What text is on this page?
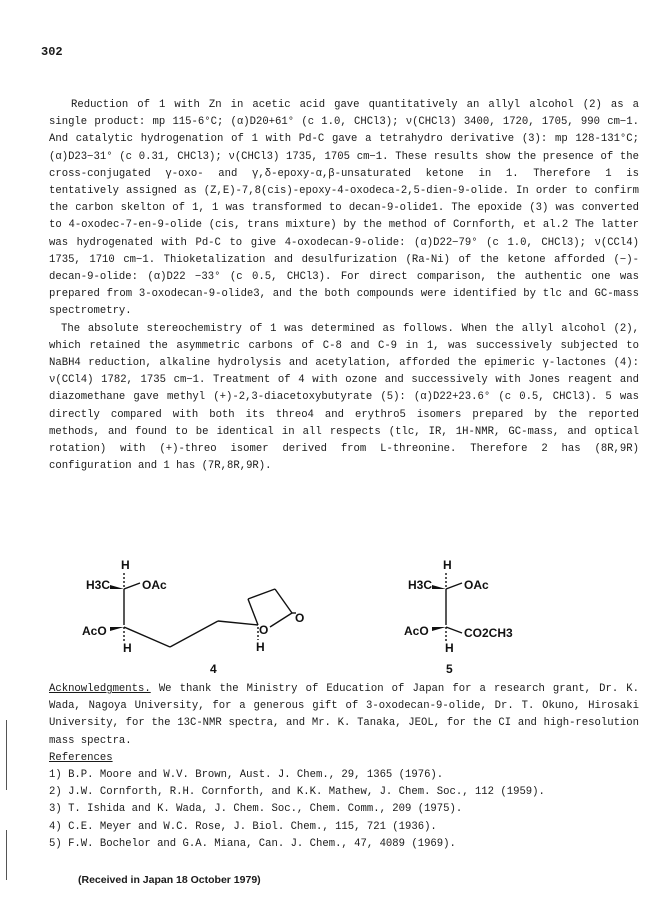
302

Reduction of 1 with Zn in acetic acid gave quantitatively an allyl alcohol (2) as a single product: mp 115-6°C; (α)D20+61° (c 1.0, CHCl3); ν(CHCl3) 3400, 1720, 1705, 990 cm−1. And catalytic hydrogenation of 1 with Pd-C gave a tetrahydro derivative (3): mp 128-131°C; (α)D23−31° (c 0.31, CHCl3); ν(CHCl3) 1735, 1705 cm−1. These results show the presence of the cross-conjugated γ-oxo- and γ,δ-epoxy-α,β-unsaturated ketone in 1. Therefore 1 is tentatively assigned as (Z,E)-7,8(cis)-epoxy-4-oxodeca-2,5-dien-9-olide. In order to confirm the carbon skelton of 1, 1 was transformed to decan-9-olide1. The epoxide (3) was converted to 4-oxodec-7-en-9-olide (cis, trans mixture) by the method of Cornforth, et al.2 The latter was hydrogenated with Pd-C to give 4-oxodecan-9-olide: (α)D22−79° (c 1.0, CHCl3); ν(CCl4) 1735, 1710 cm−1. Thioketalization and desulfurization (Ra-Ni) of the ketone afforded (−)-decan-9-olide: (α)D22 −33° (c 0.5, CHCl3). For direct comparison, the authentic one was prepared from 3-oxodecan-9-olide3, and the both compounds were identified by tlc and GC-mass spectrometry.

The absolute stereochemistry of 1 was determined as follows. When the allyl alcohol (2), which retained the asymmetric carbons of C-8 and C-9 in 1, was successively subjected to NaBH4 reduction, alkaline hydrolysis and acetylation, afforded the epimeric γ-lactones (4): ν(CCl4) 1782, 1735 cm−1. Treatment of 4 with ozone and successively with Jones reagent and diazomethane gave methyl (+)-2,3-diacetoxybutyrate (5): (α)D22+23.6° (c 0.5, CHCl3). 5 was directly compared with both its threo4 and erythro5 isomers prepared by the reported methods, and found to be identical in all respects (tlc, IR, 1H-NMR, GC-mass, and optical rotation) with (+)-threo isomer derived from L-threonine. Therefore 2 has (8R,9R) configuration and 1 has (7R,8R,9R).

H
H3C	OAc
AcO
H	H
O
O
4
H
H3C	OAc
AcO	CO2CH3
H
5

Acknowledgments. We thank the Ministry of Education of Japan for a research grant, Dr. K. Wada, Nagoya University, for a generous gift of 3-oxodecan-9-olide, Dr. T. Okuno, Hirosaki University, for the 13C-NMR spectra, and Mr. K. Tanaka, JEOL, for the CI and high-resolution mass spectra.

References

1) B.P. Moore and W.V. Brown, Aust. J. Chem., 29, 1365 (1976).
2) J.W. Cornforth, R.H. Cornforth, and K.K. Mathew, J. Chem. Soc., 112 (1959).
3) T. Ishida and K. Wada, J. Chem. Soc., Chem. Comm., 209 (1975).
4) C.E. Meyer and W.C. Rose, J. Biol. Chem., 115, 721 (1936).
5) F.W. Bochelor and G.A. Miana, Can. J. Chem., 47, 4089 (1969).
(Received in Japan 18 October 1979)
